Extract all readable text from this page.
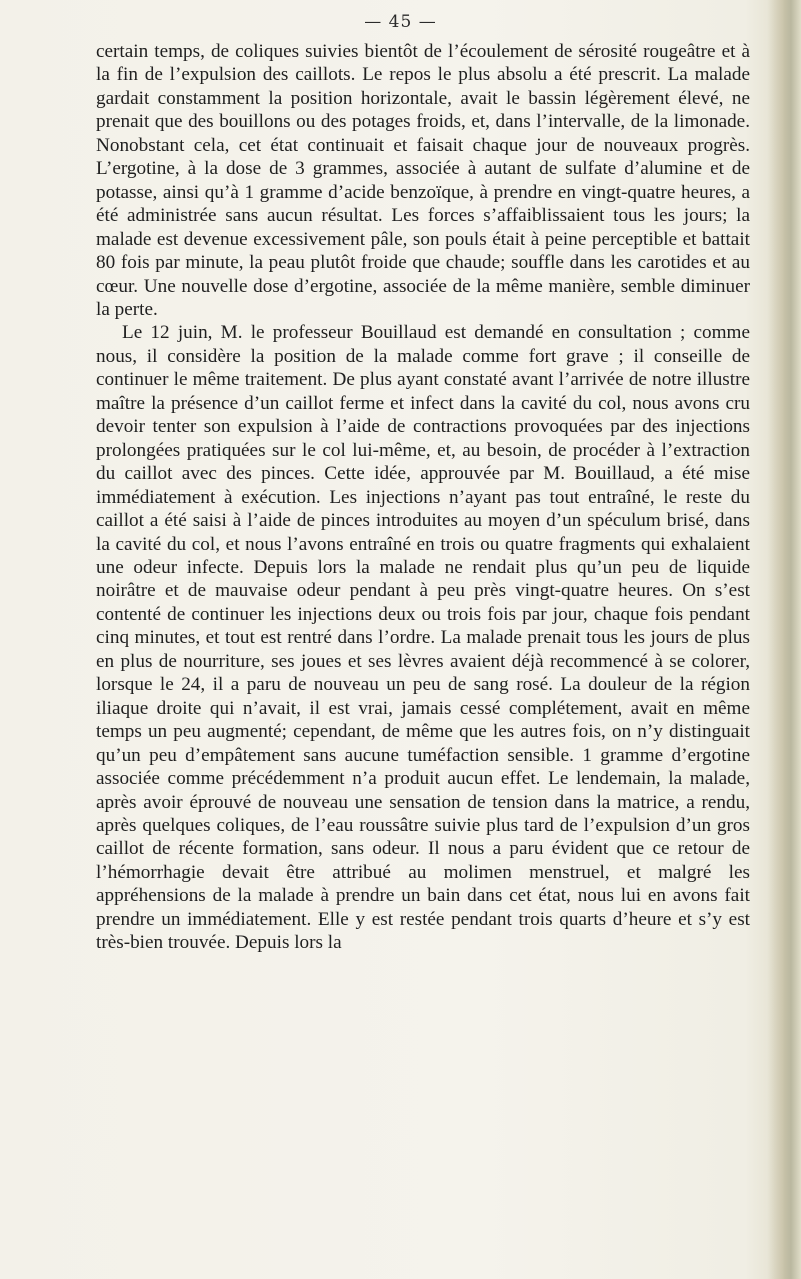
— 45 —

certain temps, de coliques suivies bientôt de l’écoulement de sérosité rougeâtre et à la fin de l’expulsion des caillots. Le repos le plus absolu a été prescrit. La malade gardait constamment la position horizontale, avait le bassin légèrement élevé, ne prenait que des bouillons ou des potages froids, et, dans l’intervalle, de la limonade. Nonobstant cela, cet état continuait et faisait chaque jour de nouveaux progrès. L’ergotine, à la dose de 3 grammes, associée à autant de sulfate d’alumine et de potasse, ainsi qu’à 1 gramme d’acide benzoïque, à prendre en vingt-quatre heures, a été administrée sans aucun résultat. Les forces s’affaiblissaient tous les jours; la malade est devenue excessivement pâle, son pouls était à peine perceptible et battait 80 fois par minute, la peau plutôt froide que chaude; souffle dans les carotides et au cœur. Une nouvelle dose d’ergotine, associée de la même manière, semble diminuer la perte.

Le 12 juin, M. le professeur Bouillaud est demandé en consultation ; comme nous, il considère la position de la malade comme fort grave ; il conseille de continuer le même traitement. De plus ayant constaté avant l’arrivée de notre illustre maître la présence d’un caillot ferme et infect dans la cavité du col, nous avons cru devoir tenter son expulsion à l’aide de contractions provoquées par des injections prolongées pratiquées sur le col lui-même, et, au besoin, de procéder à l’extraction du caillot avec des pinces. Cette idée, approuvée par M. Bouillaud, a été mise immédiatement à exécution. Les injections n’ayant pas tout entraîné, le reste du caillot a été saisi à l’aide de pinces introduites au moyen d’un spéculum brisé, dans la cavité du col, et nous l’avons entraîné en trois ou quatre fragments qui exhalaient une odeur infecte. Depuis lors la malade ne rendait plus qu’un peu de liquide noirâtre et de mauvaise odeur pendant à peu près vingt-quatre heures. On s’est contenté de continuer les injections deux ou trois fois par jour, chaque fois pendant cinq minutes, et tout est rentré dans l’ordre. La malade prenait tous les jours de plus en plus de nourriture, ses joues et ses lèvres avaient déjà recommencé à se colorer, lorsque le 24, il a paru de nouveau un peu de sang rosé. La douleur de la région iliaque droite qui n’avait, il est vrai, jamais cessé complétement, avait en même temps un peu augmenté; cependant, de même que les autres fois, on n’y distinguait qu’un peu d’empâtement sans aucune tuméfaction sensible. 1 gramme d’ergotine associée comme précédemment n’a produit aucun effet. Le lendemain, la malade, après avoir éprouvé de nouveau une sensation de tension dans la matrice, a rendu, après quelques coliques, de l’eau roussâtre suivie plus tard de l’expulsion d’un gros caillot de récente formation, sans odeur. Il nous a paru évident que ce retour de l’hémorrhagie devait être attribué au molimen menstruel, et malgré les appréhensions de la malade à prendre un bain dans cet état, nous lui en avons fait prendre un immédiatement. Elle y est restée pendant trois quarts d’heure et s’y est très-bien trouvée. Depuis lors la
